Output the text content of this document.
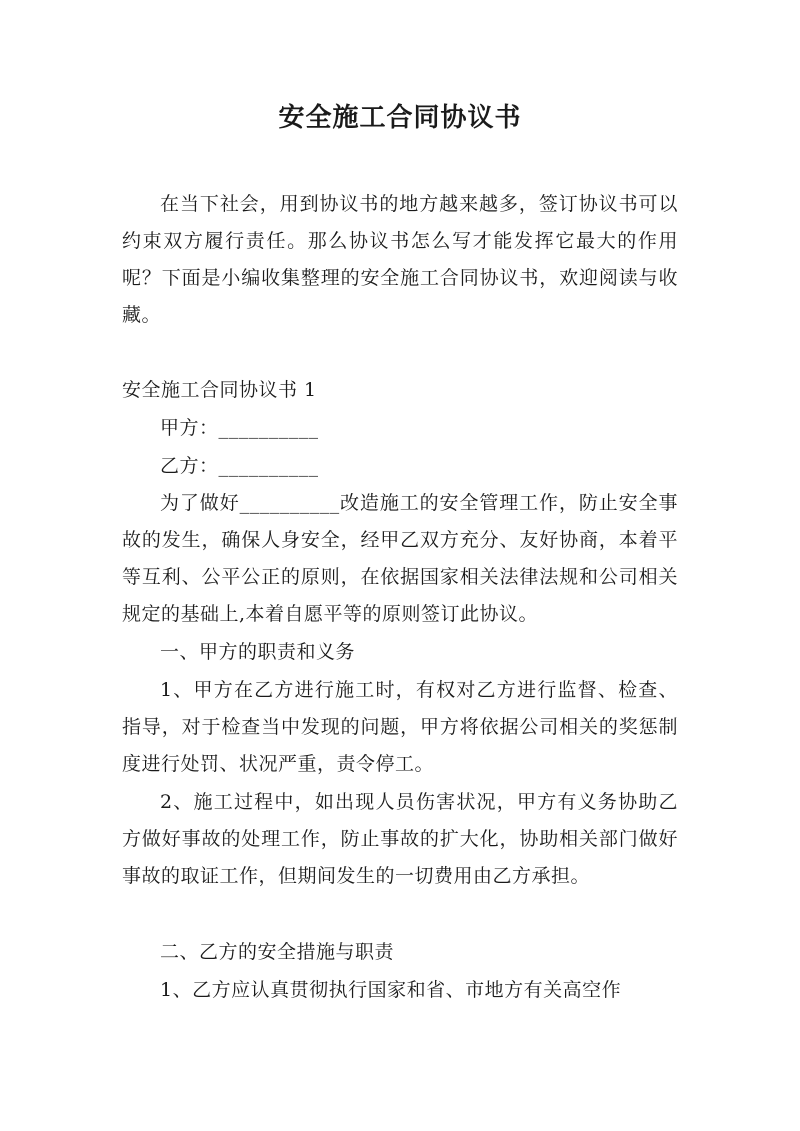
安全施工合同协议书

在当下社会，用到协议书的地方越来越多，签订协议书可以约束双方履行责任。那么协议书怎么写才能发挥它最大的作用呢？下面是小编收集整理的安全施工合同协议书，欢迎阅读与收藏。

安全施工合同协议书 1

甲方：__________

乙方：__________

为了做好__________改造施工的安全管理工作，防止安全事故的发生，确保人身安全，经甲乙双方充分、友好协商，本着平等互利、公平公正的原则，在依据国家相关法律法规和公司相关规定的基础上,本着自愿平等的原则签订此协议。

一、甲方的职责和义务

1、甲方在乙方进行施工时，有权对乙方进行监督、检查、指导，对于检查当中发现的问题，甲方将依据公司相关的奖惩制度进行处罚、状况严重，责令停工。

2、施工过程中，如出现人员伤害状况，甲方有义务协助乙方做好事故的处理工作，防止事故的扩大化，协助相关部门做好事故的取证工作，但期间发生的一切费用由乙方承担。

二、乙方的安全措施与职责

1、乙方应认真贯彻执行国家和省、市地方有关高空作
